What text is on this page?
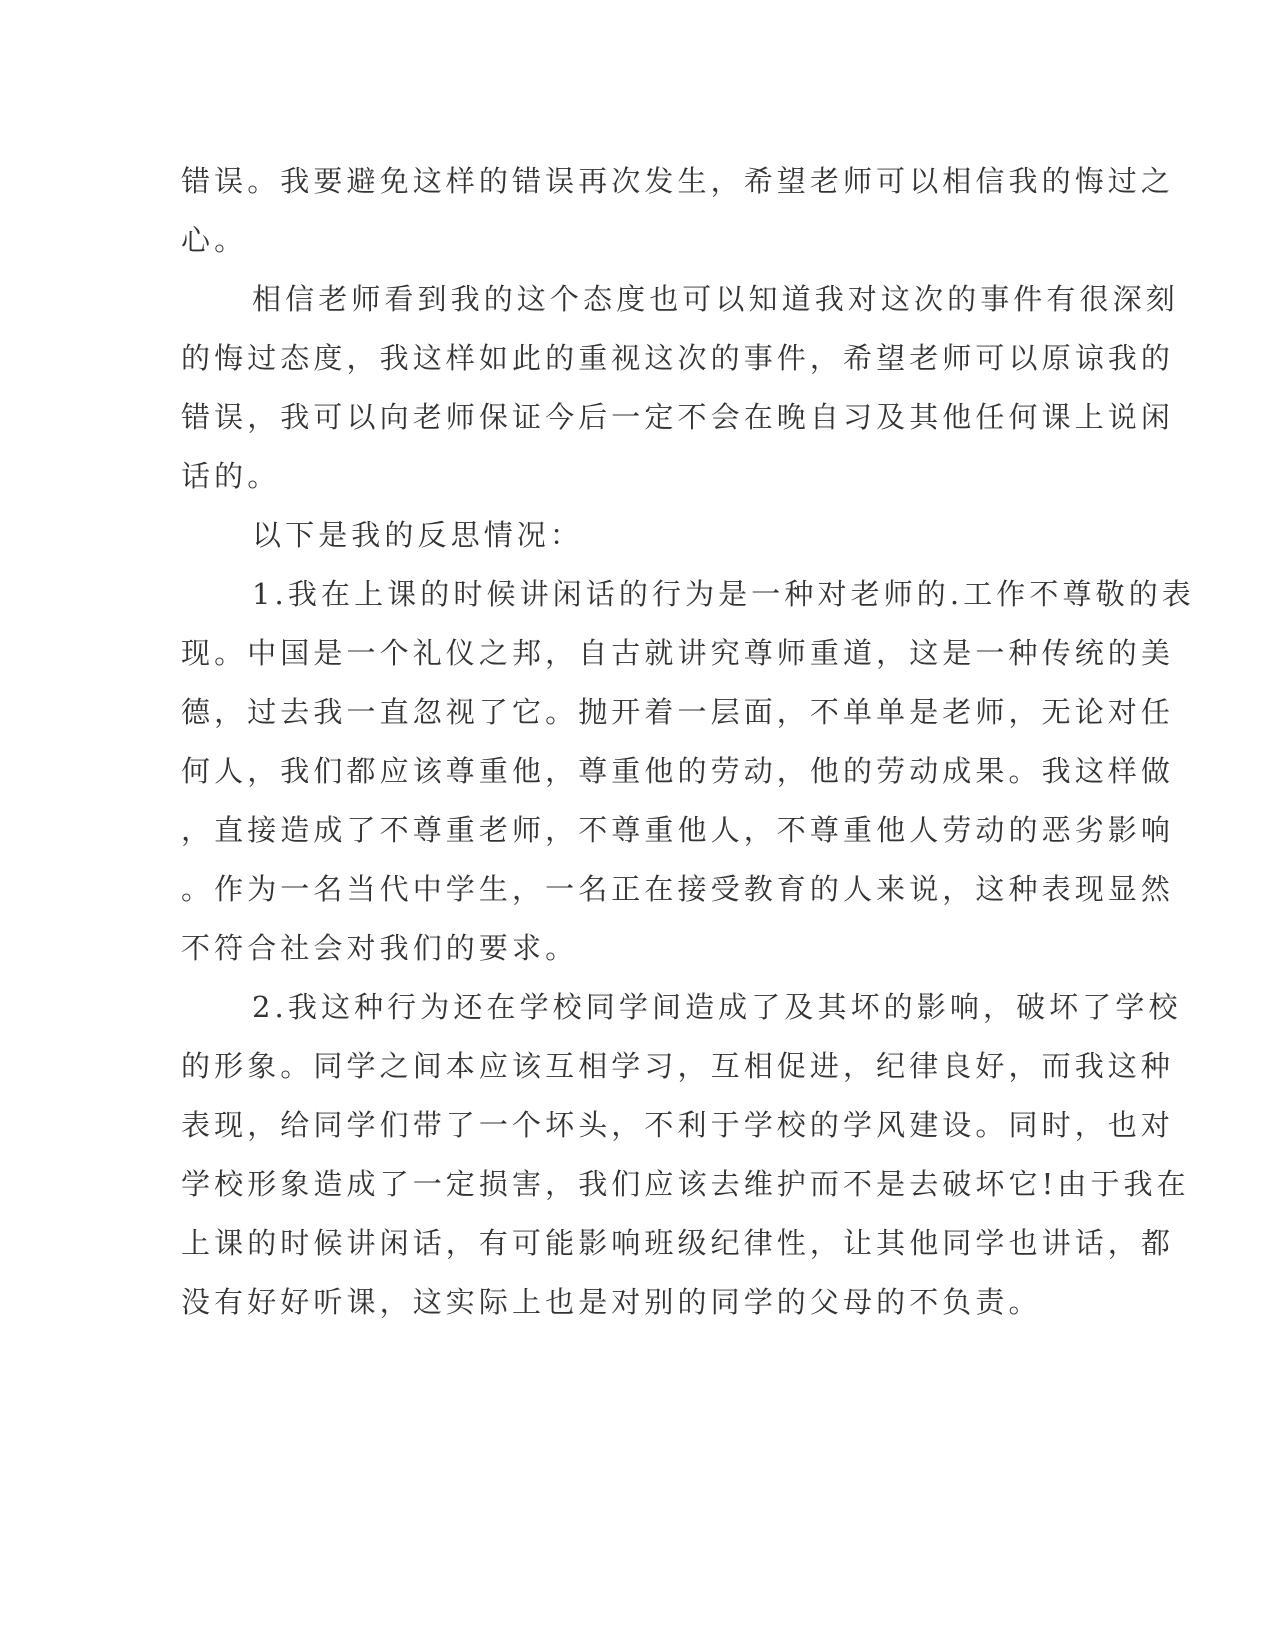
错误。我要避免这样的错误再次发生，希望老师可以相信我的悔过之
心。
相信老师看到我的这个态度也可以知道我对这次的事件有很深刻
的悔过态度，我这样如此的重视这次的事件，希望老师可以原谅我的
错误，我可以向老师保证今后一定不会在晚自习及其他任何课上说闲
话的。
以下是我的反思情况：
1.我在上课的时候讲闲话的行为是一种对老师的.工作不尊敬的表
现。中国是一个礼仪之邦，自古就讲究尊师重道，这是一种传统的美
德，过去我一直忽视了它。抛开着一层面，不单单是老师，无论对任
何人，我们都应该尊重他，尊重他的劳动，他的劳动成果。我这样做
，直接造成了不尊重老师，不尊重他人，不尊重他人劳动的恶劣影响
。作为一名当代中学生，一名正在接受教育的人来说，这种表现显然
不符合社会对我们的要求。
2.我这种行为还在学校同学间造成了及其坏的影响，破坏了学校
的形象。同学之间本应该互相学习，互相促进，纪律良好，而我这种
表现，给同学们带了一个坏头，不利于学校的学风建设。同时，也对
学校形象造成了一定损害，我们应该去维护而不是去破坏它!由于我在
上课的时候讲闲话，有可能影响班级纪律性，让其他同学也讲话，都
没有好好听课，这实际上也是对别的同学的父母的不负责。
